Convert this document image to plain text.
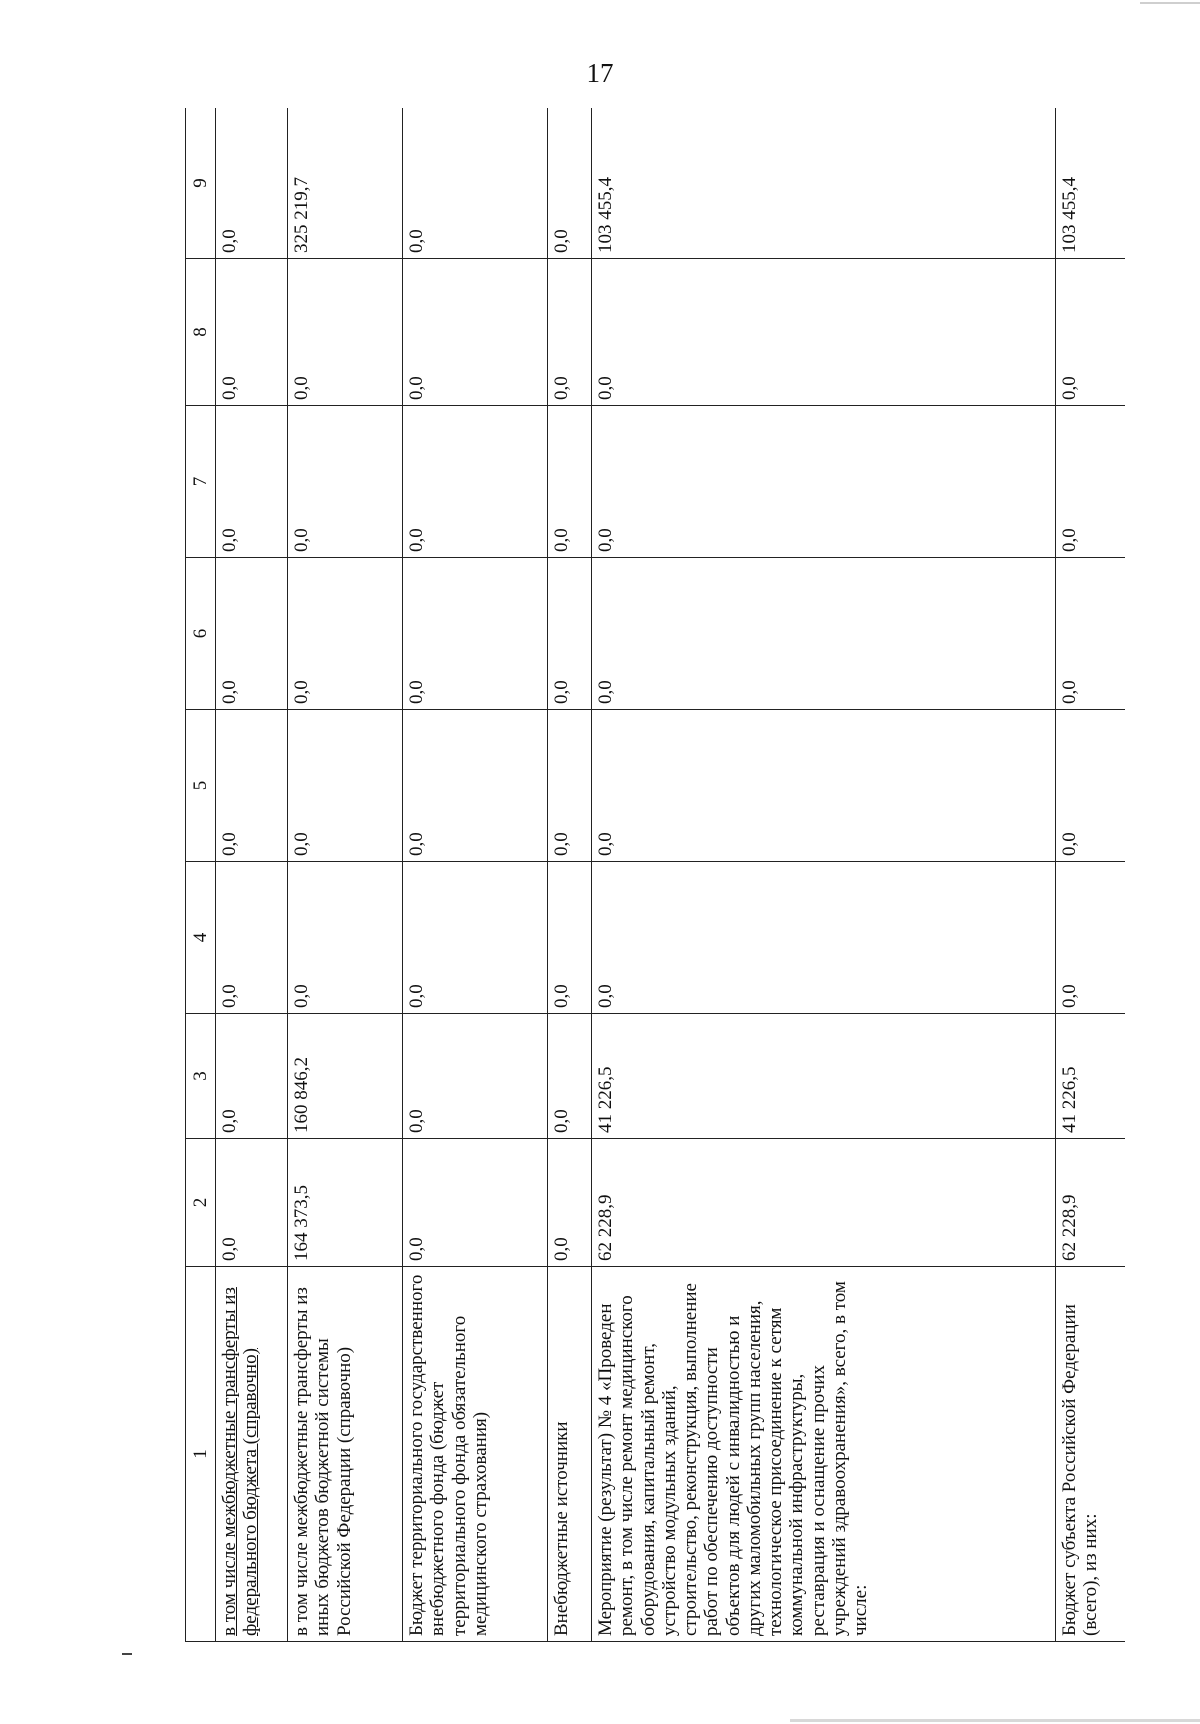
17
1	2	3	4	5	6	7	8	9
в том числе межбюджетные трансферты из федерального бюджета (справочно)	0,0	0,0	0,0	0,0	0,0	0,0	0,0	0,0
в том числе межбюджетные трансферты из иных бюджетов бюджетной системы Российской Федерации (справочно)	164 373,5	160 846,2	0,0	0,0	0,0	0,0	0,0	325 219,7
Бюджет территориального государственного внебюджетного фонда (бюджет территориального фонда обязательного медицинского страхования)	0,0	0,0	0,0	0,0	0,0	0,0	0,0	0,0
Внебюджетные источники	0,0	0,0	0,0	0,0	0,0	0,0	0,0	0,0
Мероприятие (результат) № 4 «Проведен ремонт, в том числе ремонт медицинского оборудования, капитальный ремонт, устройство модульных зданий, строительство, реконструкция, выполнение работ по обеспечению доступности объектов для людей с инвалидностью и других маломобильных групп населения, технологическое присоединение к сетям коммунальной инфраструктуры, реставрация и оснащение прочих учреждений здравоохранения», всего, в том числе:	62 228,9	41 226,5	0,0	0,0	0,0	0,0	0,0	103 455,4
Бюджет субъекта Российской Федерации (всего), из них:	62 228,9	41 226,5	0,0	0,0	0,0	0,0	0,0	103 455,4
